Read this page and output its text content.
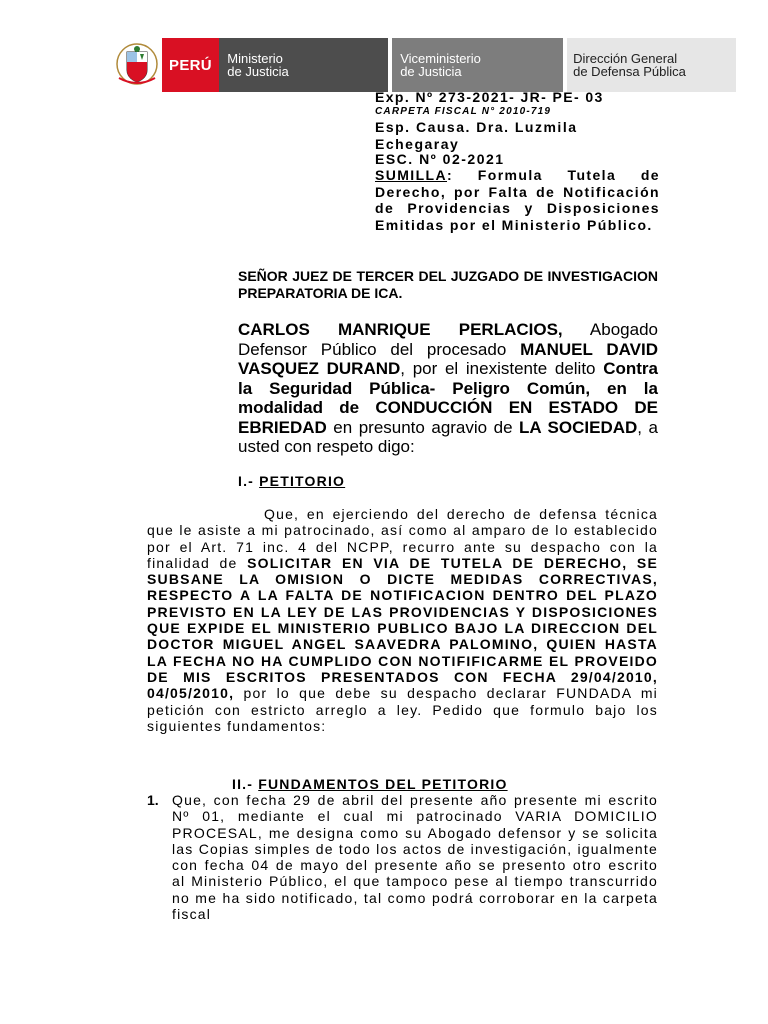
PERÚ	Ministerio
de Justicia
Viceministerio
de Justicia
Dirección General
de Defensa Pública
Exp. Nº 273-2021- JR- PE- 03
CARPETA FISCAL N° 2010-719
Esp. Causa. Dra. Luzmila Echegaray
ESC. Nº 02-2021
SUMILLA: Formula Tutela de Derecho, por Falta de Notificación de Providencias y Disposiciones Emitidas por el Ministerio Público.
SEÑOR JUEZ DE TERCER DEL JUZGADO DE INVESTIGACION PREPARATORIA DE ICA.
CARLOS MANRIQUE PERLACIOS, Abogado Defensor Público del procesado MANUEL DAVID VASQUEZ DURAND, por el inexistente delito Contra la Seguridad Pública- Peligro Común, en la modalidad de CONDUCCIÓN EN ESTADO DE EBRIEDAD en presunto agravio de LA SOCIEDAD, a usted con respeto digo:
I.- PETITORIO
Que, en ejerciendo del derecho de defensa técnica que le asiste a mi patrocinado, así como al amparo de lo establecido por el Art. 71 inc. 4 del NCPP, recurro ante su despacho con la finalidad de SOLICITAR EN VIA DE TUTELA DE DERECHO, SE SUBSANE LA OMISION O DICTE MEDIDAS CORRECTIVAS, RESPECTO A LA FALTA DE NOTIFICACION DENTRO DEL PLAZO PREVISTO EN LA LEY DE LAS PROVIDENCIAS Y DISPOSICIONES QUE EXPIDE EL MINISTERIO PUBLICO BAJO LA DIRECCION DEL DOCTOR MIGUEL ANGEL SAAVEDRA PALOMINO, QUIEN HASTA LA FECHA NO HA CUMPLIDO CON NOTIFIFICARME EL PROVEIDO DE MIS ESCRITOS PRESENTADOS CON FECHA 29/04/2010, 04/05/2010, por lo que debe su despacho declarar FUNDADA mi petición con estricto arreglo a ley. Pedido que formulo bajo los siguientes fundamentos:
II.- FUNDAMENTOS DEL PETITORIO
1. Que, con fecha 29 de abril del presente año presente mi escrito Nº 01, mediante el cual mi patrocinado VARIA DOMICILIO PROCESAL, me designa como su Abogado defensor y se solicita las Copias simples de todo los actos de investigación, igualmente con fecha 04 de mayo del presente año se presento otro escrito al Ministerio Público, el que tampoco pese al tiempo transcurrido no me ha sido notificado, tal como podrá corroborar en la carpeta fiscal
